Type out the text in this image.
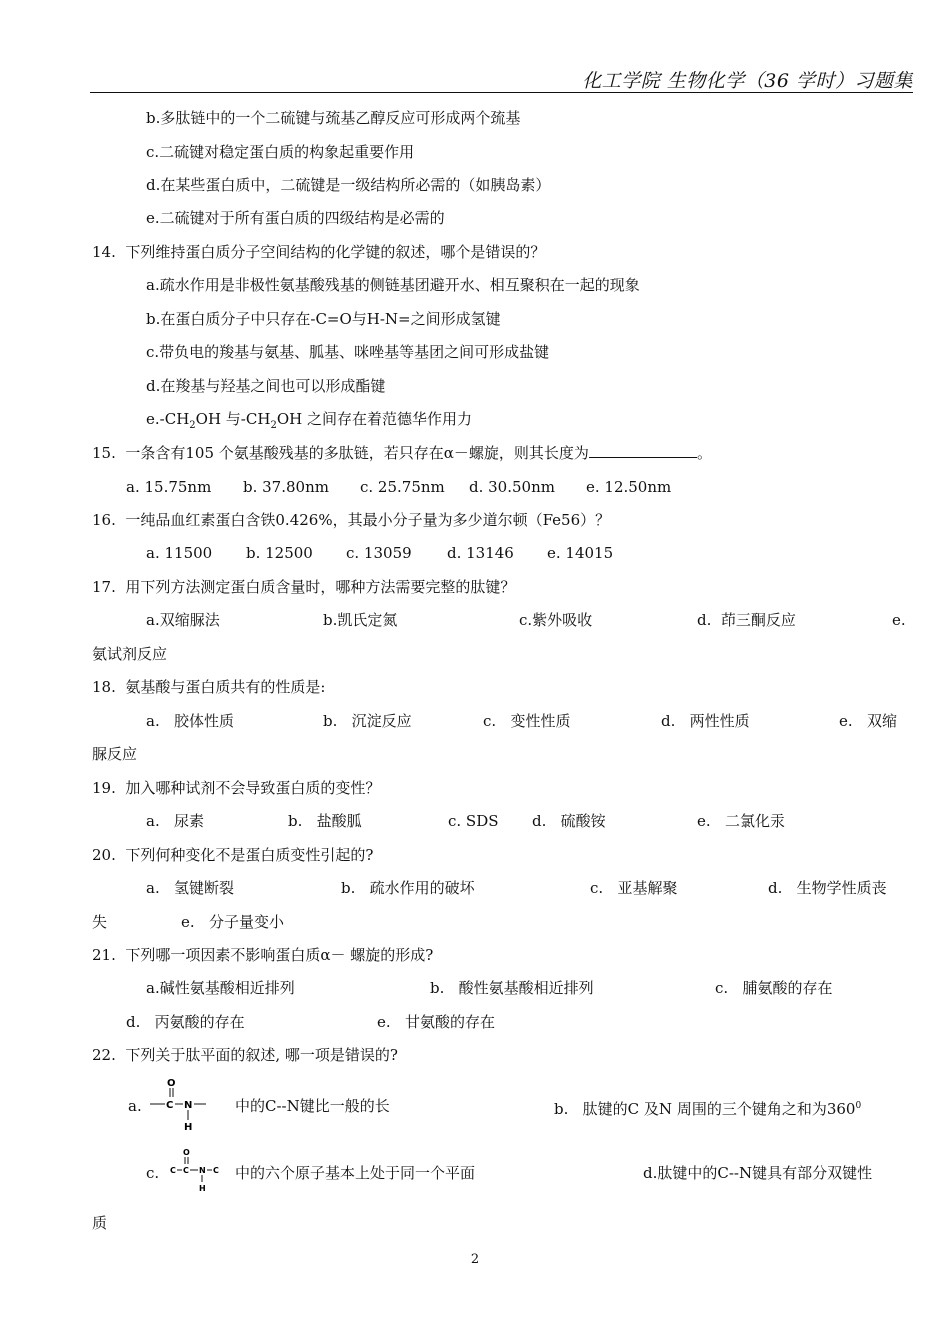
化工学院 生物化学（36 学时）习题集
b.多肽链中的一个二硫键与巯基乙醇反应可形成两个巯基
c.二硫键对稳定蛋白质的构象起重要作用
d.在某些蛋白质中，二硫键是一级结构所必需的（如胰岛素）
e.二硫键对于所有蛋白质的四级结构是必需的
14.  下列维持蛋白质分子空间结构的化学键的叙述，哪个是错误的？
a.疏水作用是非极性氨基酸残基的侧链基团避开水、相互聚积在一起的现象
b.在蛋白质分子中只存在-C=O与H-N=之间形成氢键
c.带负电的羧基与氨基、胍基、咪唑基等基团之间可形成盐键
d.在羧基与羟基之间也可以形成酯键
$e.-CH_2OH$ 与$-CH_2OH$ 之间存在着范德华作用力
15.  一条含有105 个氨基酸残基的多肽链，若只存在α－螺旋，则其长度为	。
a. 15.75nm b. 37.80nm c. 25.75nm d. 30.50nm e. 12.50nm
16.  一纯品血红素蛋白含铁0.426%，其最小分子量为多少道尔顿（Fe56）？
a. 11500 b. 12500 c. 13059 d. 13146 e. 14015
17.  用下列方法测定蛋白质含量时，哪种方法需要完整的肽键？
a.双缩脲法	b.凯氏定氮	c.紫外吸收	d.  茚三酮反应	e.
氨试剂反应
18.  氨基酸与蛋白质共有的性质是:
a.   胶体性质	b.   沉淀反应	c.   变性性质	d.   两性性质	e.   双缩
脲反应
19.  加入哪种试剂不会导致蛋白质的变性？
a.   尿素	b.   盐酸胍	c. SDS d.   硫酸铵	e.   二氯化汞
20.  下列何种变化不是蛋白质变性引起的?
a.   氢键断裂	b.   疏水作用的破坏	c.   亚基解聚	d.   生物学性质丧
失	e.   分子量变小
21.  下列哪一项因素不影响蛋白质α－ 螺旋的形成?
a.碱性氨基酸相近排列	b.   酸性氨基酸相近排列	c.   脯氨酸的存在
d.   丙氨酸的存在	e.   甘氨酸的存在
22.  下列关于肽平面的叙述, 哪一项是错误的?
a.
O
C N
H
中的C--N键比一般的长	b.   肽键的C 及N 周围的三个键角之和为$360^0$
c.
O
C C N C
H
中的六个原子基本上处于同一个平面	d.肽键中的C--N键具有部分双键性
质
2
